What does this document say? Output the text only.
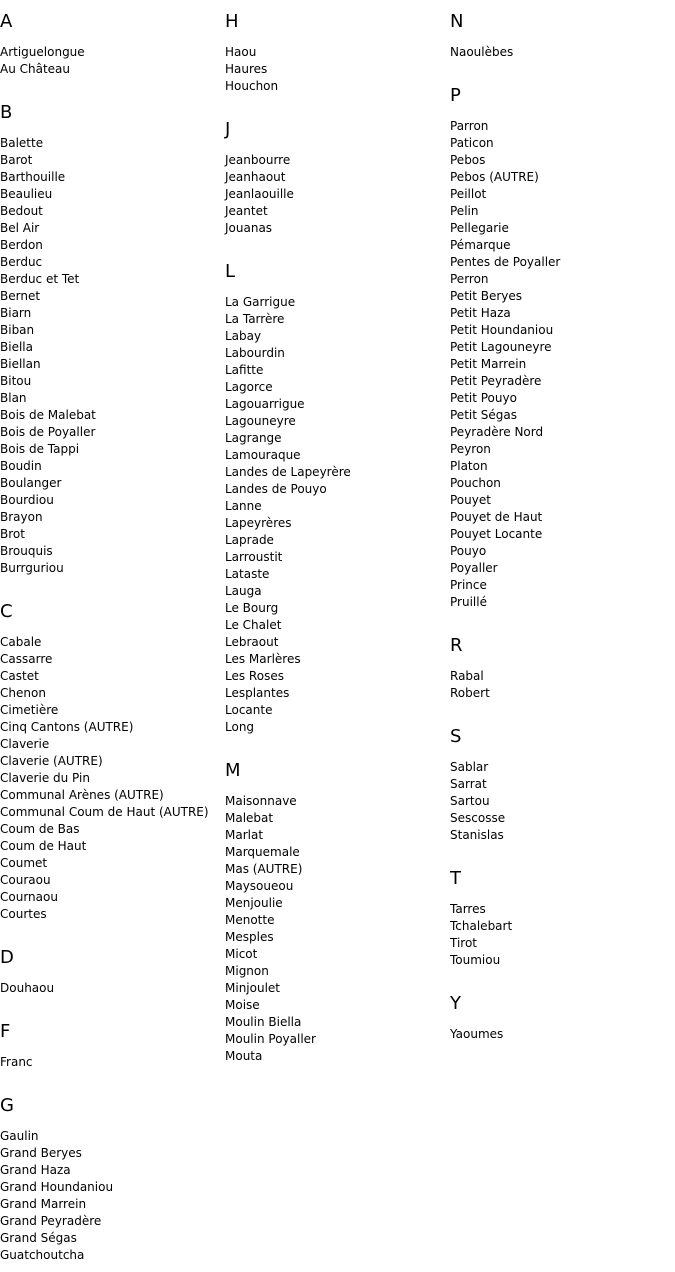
A
Artiguelongue
Au Château
B
Balette
Barot
Barthouille
Beaulieu
Bedout
Bel Air
Berdon
Berduc
Berduc et Tet
Bernet
Biarn
Biban
Biella
Biellan
Bitou
Blan
Bois de Malebat
Bois de Poyaller
Bois de Tappi
Boudin
Boulanger
Bourdiou
Brayon
Brot
Brouquis
Burrguriou
C
Cabale
Cassarre
Castet
Chenon
Cimetière
Cinq Cantons (AUTRE)
Claverie
Claverie (AUTRE)
Claverie du Pin
Communal Arènes (AUTRE)
Communal Coum de Haut (AUTRE)
Coum de Bas
Coum de Haut
Coumet
Couraou
Cournaou
Courtes
D
Douhaou
F
Franc
G
Gaulin
Grand Beryes
Grand Haza
Grand Houndaniou
Grand Marrein
Grand Peyradère
Grand Ségas
Guatchoutcha
H
Haou
Haures
Houchon
J
Jeanbourre
Jeanhaout
Jeanlaouille
Jeantet
Jouanas
L
La Garrigue
La Tarrère
Labay
Labourdin
Lafitte
Lagorce
Lagouarrigue
Lagouneyre
Lagrange
Lamouraque
Landes de Lapeyrère
Landes de Pouyo
Lanne
Lapeyrères
Laprade
Larroustit
Lataste
Lauga
Le Bourg
Le Chalet
Lebraout
Les Marlères
Les Roses
Lesplantes
Locante
Long
M
Maisonnave
Malebat
Marlat
Marquemale
Mas (AUTRE)
Maysoueou
Menjoulie
Menotte
Mesples
Micot
Mignon
Minjoulet
Moise
Moulin Biella
Moulin Poyaller
Mouta
N
Naoulèbes
P
Parron
Paticon
Pebos
Pebos (AUTRE)
Peillot
Pelin
Pellegarie
Pémarque
Pentes de Poyaller
Perron
Petit Beryes
Petit Haza
Petit Houndaniou
Petit Lagouneyre
Petit Marrein
Petit Peyradère
Petit Pouyo
Petit Ségas
Peyradère Nord
Peyron
Platon
Pouchon
Pouyet
Pouyet de Haut
Pouyet Locante
Pouyo
Poyaller
Prince
Pruillé
R
Rabal
Robert
S
Sablar
Sarrat
Sartou
Sescosse
Stanislas
T
Tarres
Tchalebart
Tirot
Toumiou
Y
Yaoumes
